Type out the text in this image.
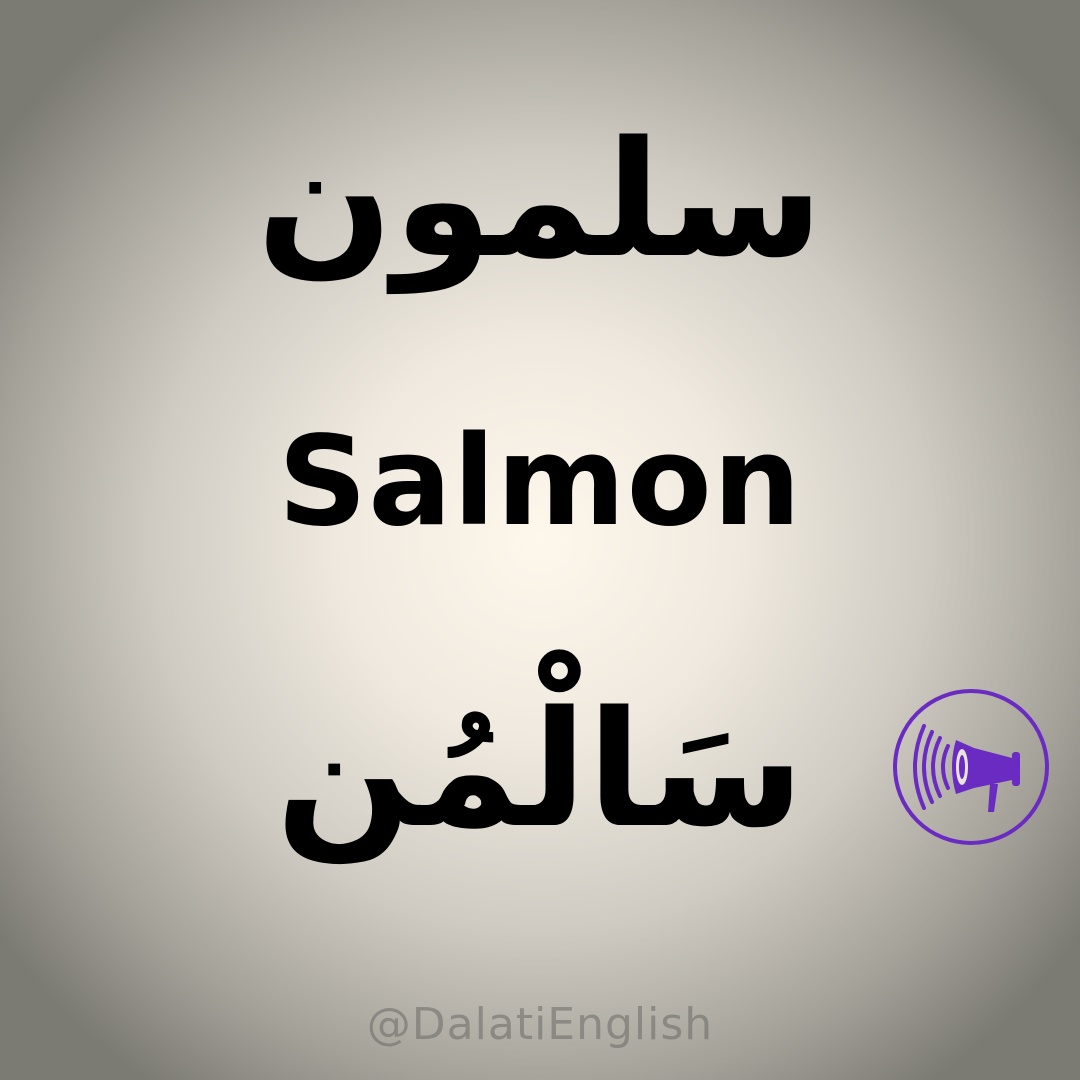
سلمون
Salmon
سَالْمُن
@DalatiEnglish
